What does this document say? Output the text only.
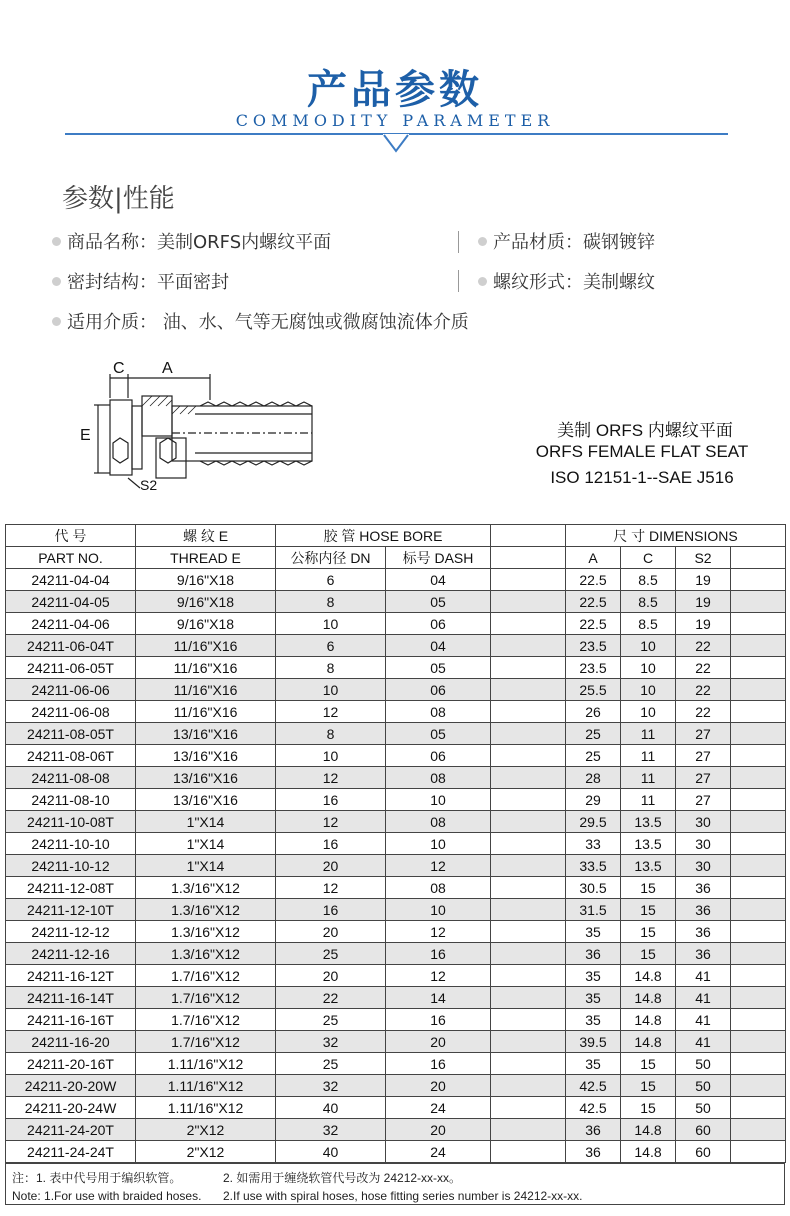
产品参数
COMMODITY PARAMETER
参数|性能
商品名称：美制ORFS内螺纹平面	产品材质：碳钢镀锌
密封结构：平面密封	螺纹形式：美制螺纹
适用介质： 油、水、气等无腐蚀或微腐蚀流体介质
C A
E
S2
美制 ORFS 内螺纹平面
ORFS FEMALE FLAT SEAT
ISO 12151-1--SAE J516
代 号	螺 纹 E	胶 管 HOSE BORE			尺 寸 DIMENSIONS			
PART NO.	THREAD E	公称内径 DN	标号 DASH		A	C	S2	
24211-04-04	9/16"X18	6	04		22.5	8.5	19	
24211-04-05	9/16"X18	8	05		22.5	8.5	19	
24211-04-06	9/16"X18	10	06		22.5	8.5	19	
24211-06-04T	11/16"X16	6	04		23.5	10	22	
24211-06-05T	11/16"X16	8	05		23.5	10	22	
24211-06-06	11/16"X16	10	06		25.5	10	22	
24211-06-08	11/16"X16	12	08		26	10	22	
24211-08-05T	13/16"X16	8	05		25	11	27	
24211-08-06T	13/16"X16	10	06		25	11	27	
24211-08-08	13/16"X16	12	08		28	11	27	
24211-08-10	13/16"X16	16	10		29	11	27	
24211-10-08T	1"X14	12	08		29.5	13.5	30	
24211-10-10	1"X14	16	10		33	13.5	30	
24211-10-12	1"X14	20	12		33.5	13.5	30	
24211-12-08T	1.3/16"X12	12	08		30.5	15	36	
24211-12-10T	1.3/16"X12	16	10		31.5	15	36	
24211-12-12	1.3/16"X12	20	12		35	15	36	
24211-12-16	1.3/16"X12	25	16		36	15	36	
24211-16-12T	1.7/16"X12	20	12		35	14.8	41	
24211-16-14T	1.7/16"X12	22	14		35	14.8	41	
24211-16-16T	1.7/16"X12	25	16		35	14.8	41	
24211-16-20	1.7/16"X12	32	20		39.5	14.8	41	
24211-20-16T	1.11/16"X12	25	16		35	15	50	
24211-20-20W	1.11/16"X12	32	20		42.5	15	50	
24211-20-24W	1.11/16"X12	40	24		42.5	15	50	
24211-24-20T	2"X12	32	20		36	14.8	60	
24211-24-24T	2"X12	40	24		36	14.8	60	
注：1. 表中代号用于编织软管。	2. 如需用于缠绕软管代号改为 24212-xx-xx。
Note: 1.For use with braided hoses. 2.If use with spiral hoses, hose fitting series number is 24212-xx-xx.
